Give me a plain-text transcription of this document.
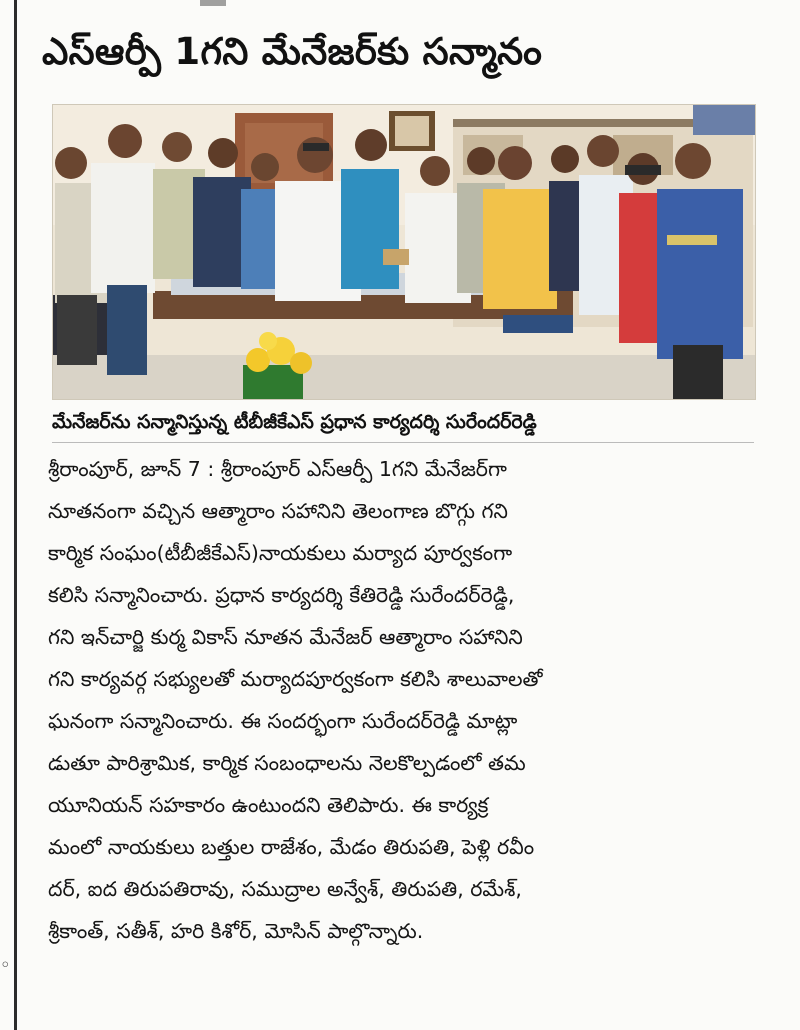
◦
ఎస్ఆర్పీ 1గని మేనేజర్‌కు సన్మానం
మేనేజర్‌ను సన్మానిస్తున్న టీబీజీకేఎస్ ప్రధాన కార్యదర్శి సురేందర్‌రెడ్డి
శ్రీరాంపూర్, జూన్ 7 : శ్రీరాంపూర్ ఎస్ఆర్పీ 1గని మేనేజర్‌గా
నూతనంగా వచ్చిన ఆత్మారాం సహానిని తెలంగాణ బొగ్గు గని
కార్మిక సంఘం(టీబీజీకేఎస్)నాయకులు మర్యాద పూర్వకంగా
కలిసి సన్మానించారు. ప్రధాన కార్యదర్శి కేతిరెడ్డి సురేందర్‌రెడ్డి,
గని ఇన్‌చార్జి కుర్మ వికాస్ నూతన మేనేజర్ ఆత్మారాం సహానిని
గని కార్యవర్గ సభ్యులతో మర్యాదపూర్వకంగా కలిసి శాలువాలతో
ఘనంగా సన్మానించారు. ఈ సందర్భంగా సురేందర్‌రెడ్డి మాట్లా
డుతూ పారిశ్రామిక, కార్మిక సంబంధాలను నెలకొల్పడంలో తమ
యూనియన్ సహకారం ఉంటుందని తెలిపారు. ఈ కార్యక్ర
మంలో నాయకులు బత్తుల రాజేశం, మేడం తిరుపతి, పెళ్లి రవీం
దర్, ఐద తిరుపతిరావు, సముద్రాల అన్వేశ్, తిరుపతి, రమేశ్,
శ్రీకాంత్, సతీశ్, హరి కిశోర్, మోసిన్ పాల్గొన్నారు.
